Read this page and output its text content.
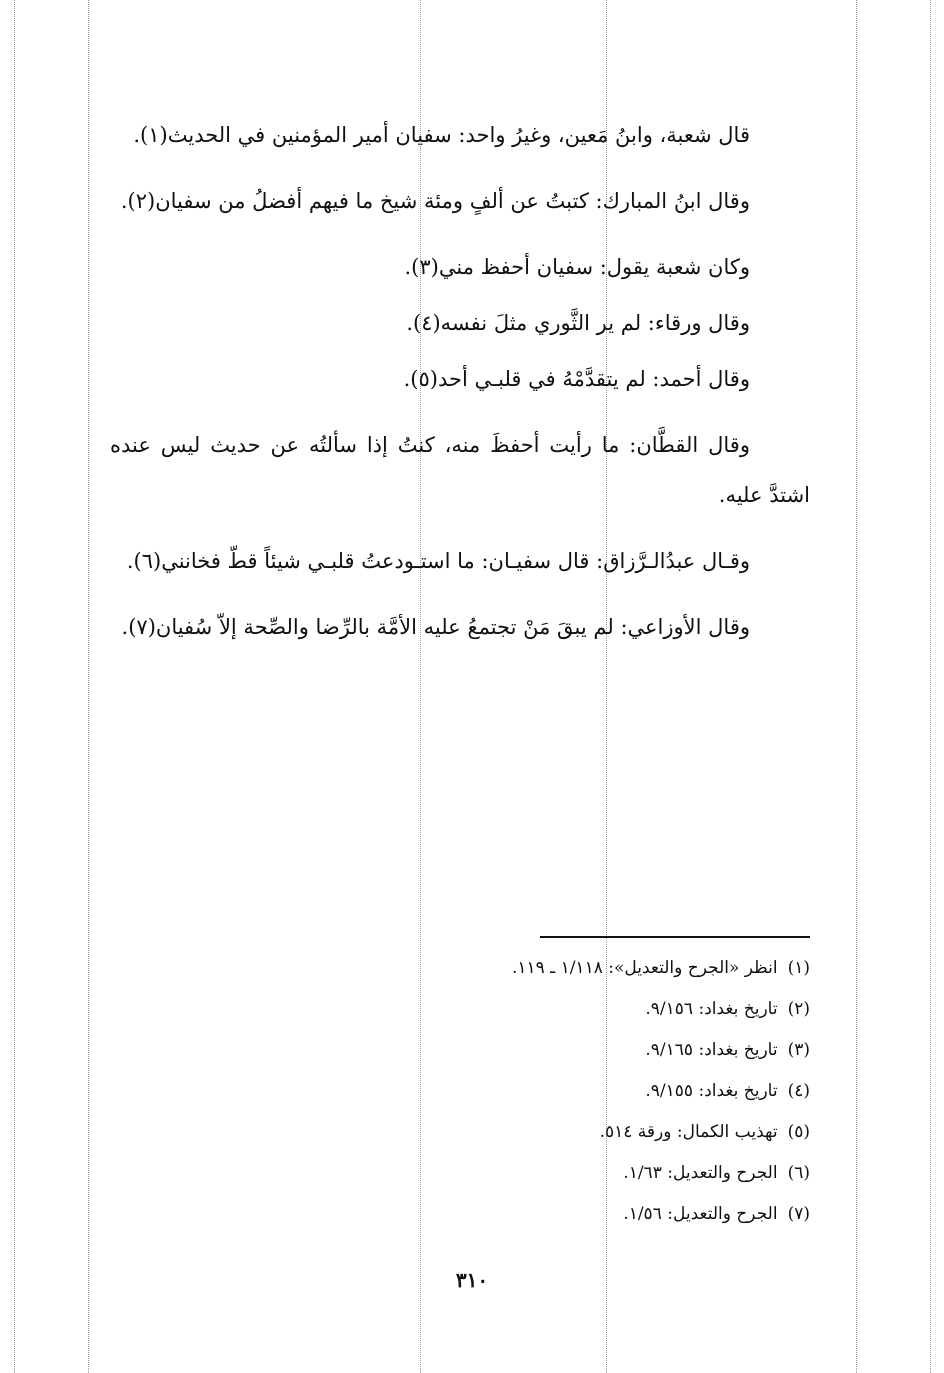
قال شعبة، وابنُ مَعين، وغيرُ واحد: سفيان أمير المؤمنين في الحديث(١).

وقال ابنُ المبارك: كتبتُ عن ألفٍ ومئة شيخ ما فيهم أفضلُ من سفيان(٢).

وكان شعبة يقول: سفيان أحفظ مني(٣).

وقال ورقاء: لم ير الثَّوري مثلَ نفسه(٤).

وقال أحمد: لم يتقدَّمْهُ في قلبـي أحد(٥).

وقال القطَّان: ما رأيت أحفظَ منه، كنتُ إذا سألتُه عن حديث ليس عنده اشتدَّ عليه.

وقـال عبدُالـرَّزاق: قال سفيـان: ما استـودعتُ قلبـي شيئاً قطّ فخانني(٦).

وقال الأوزاعي: لم يبقَ مَنْ تجتمعُ عليه الأمَّة بالرِّضا والصِّحة إلاّ سُفيان(٧).

(١)انظر «الجرح والتعديل»: ١/١١٨ ـ ١١٩.
(٢)تاريخ بغداد: ٩/١٥٦.
(٣)تاريخ بغداد: ٩/١٦٥.
(٤)تاريخ بغداد: ٩/١٥٥.
(٥)تهذيب الكمال: ورقة ٥١٤.
(٦)الجرح والتعديل: ١/٦٣.
(٧)الجرح والتعديل: ١/٥٦.
٣١٠
